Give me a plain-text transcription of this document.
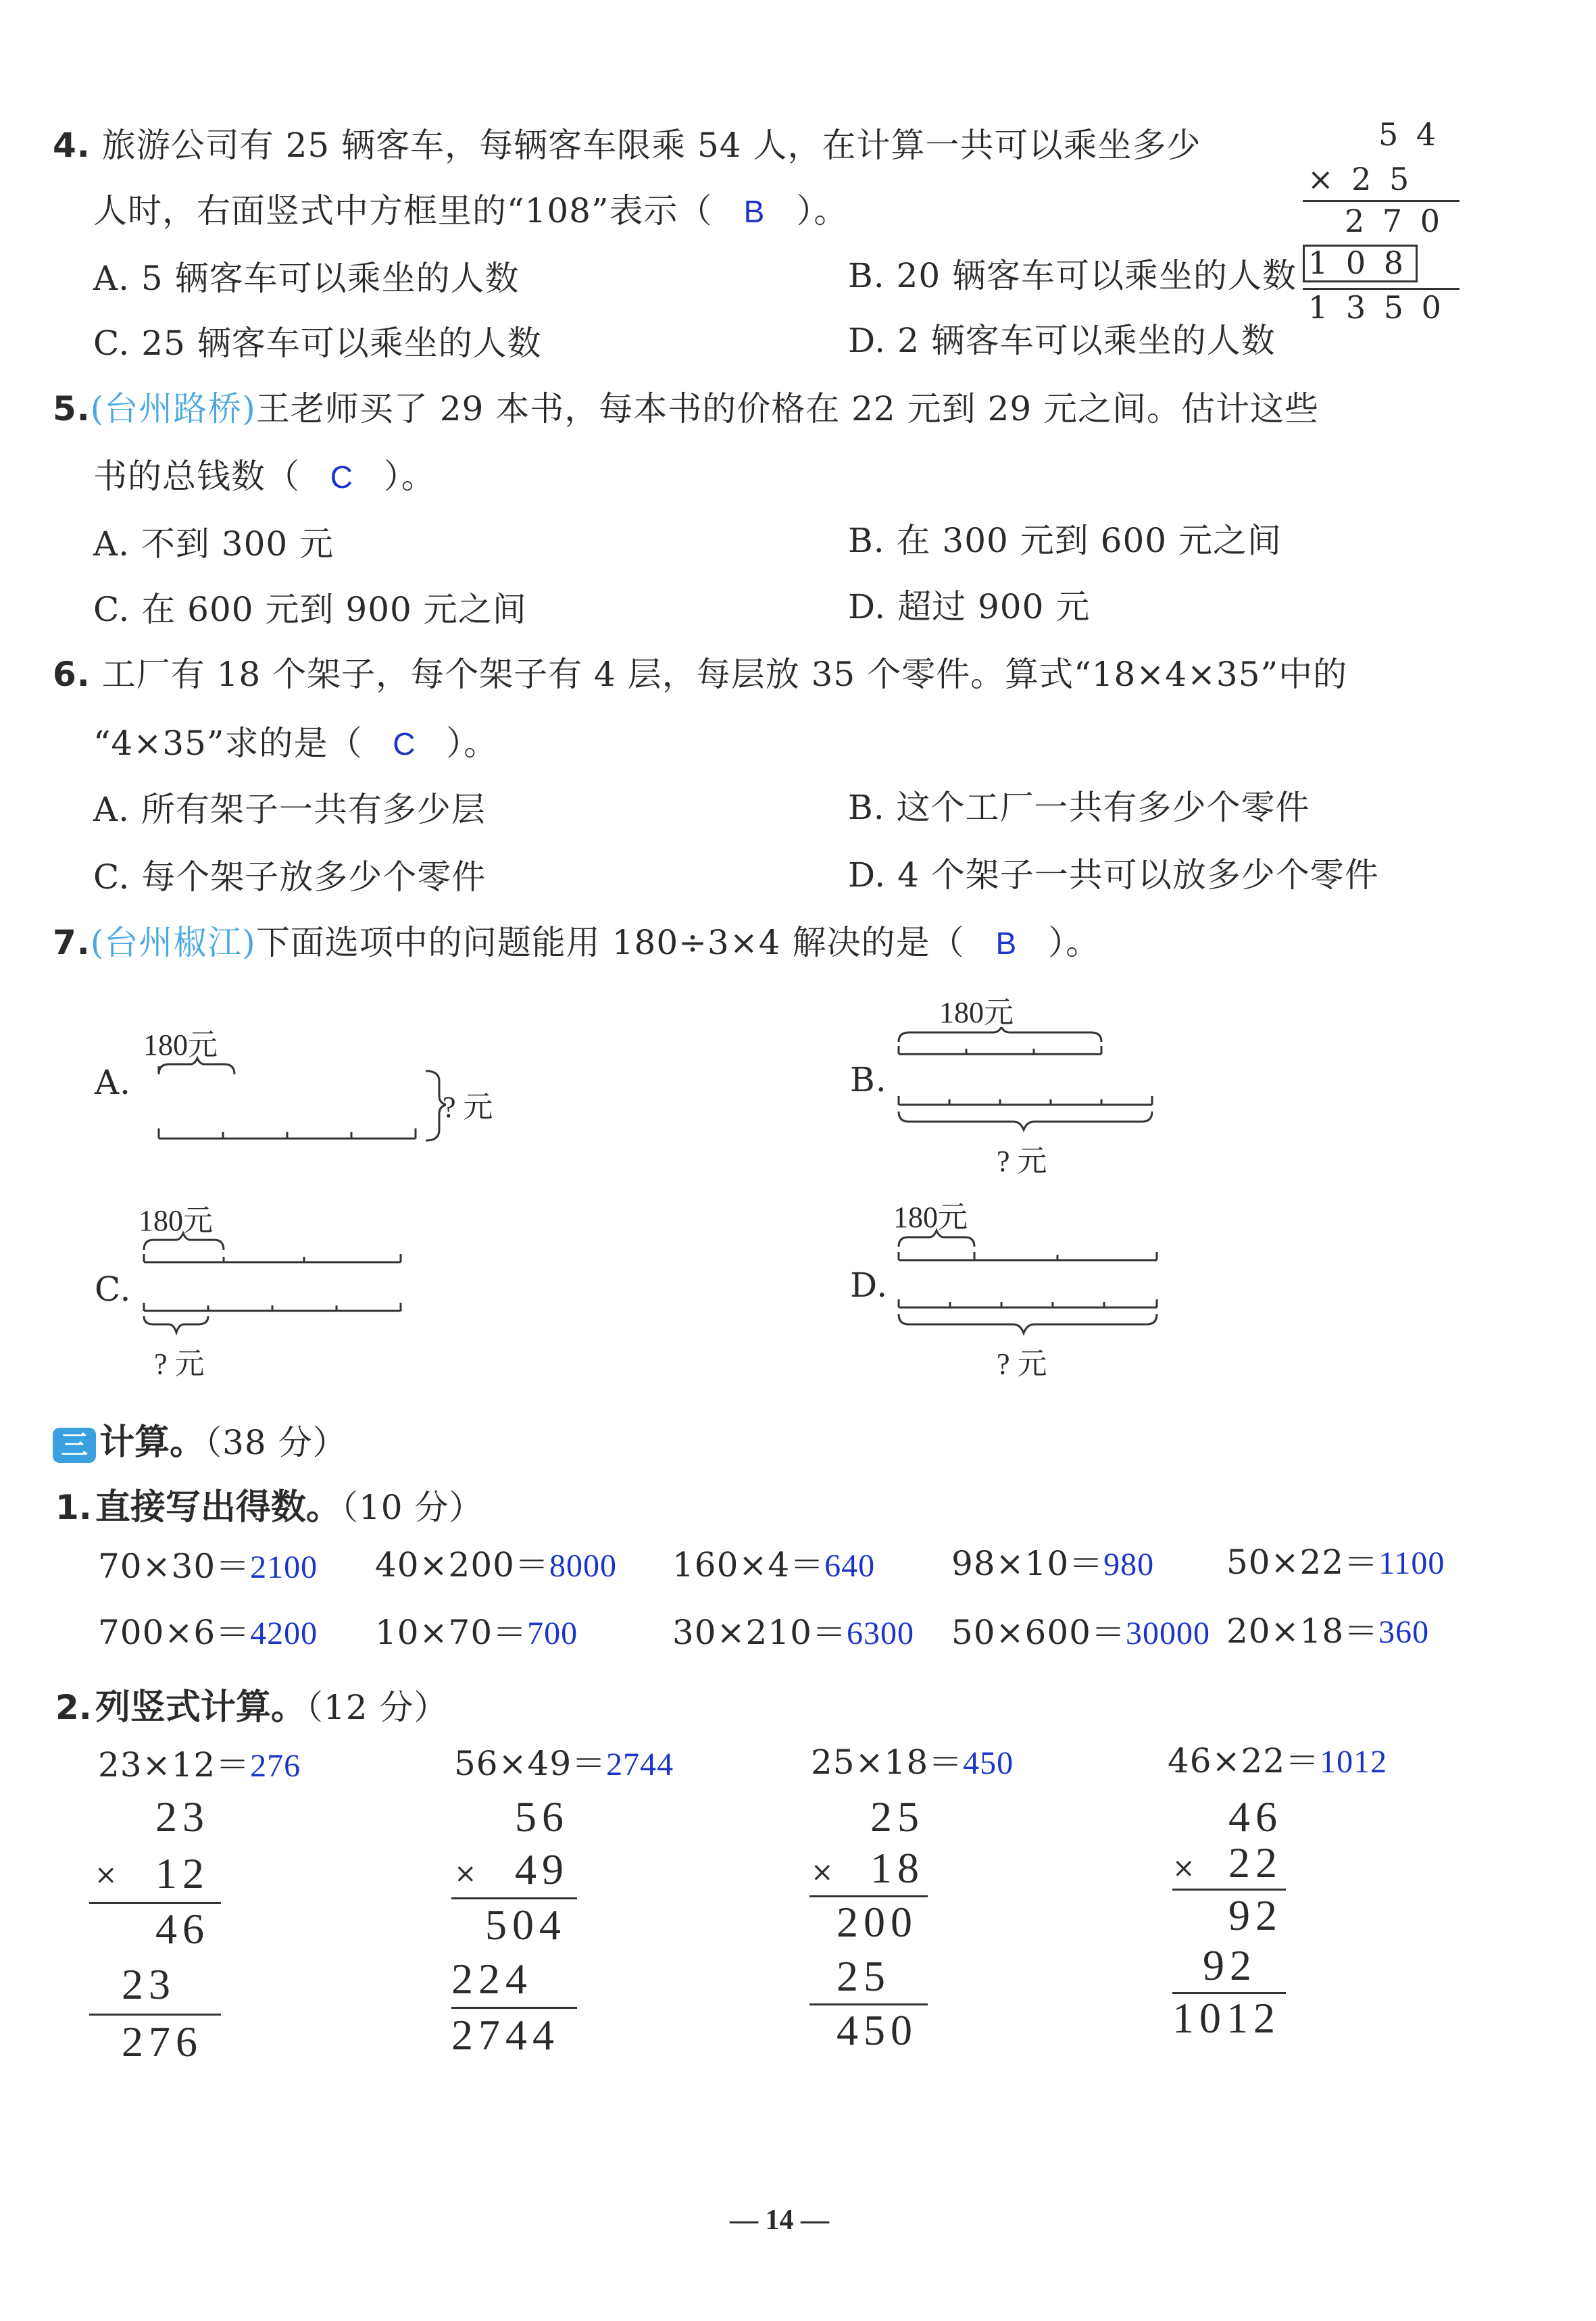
4. 旅游公司有 25 辆客车，每辆客车限乘 54 人，在计算一共可以乘坐多少
人时，右面竖式中方框里的“108”表示（ B ）。
A. 5 辆客车可以乘坐的人数	B. 20 辆客车可以乘坐的人数
C. 25 辆客车可以乘坐的人数	D. 2 辆客车可以乘坐的人数
5 4
× 2 5
2 7 0
1 0 8
1 3 5 0
5.(台州路桥)王老师买了 29 本书，每本书的价格在 22 元到 29 元之间。估计这些
书的总钱数（ C ）。
A. 不到 300 元	B. 在 300 元到 600 元之间
C. 在 600 元到 900 元之间	D. 超过 900 元
6. 工厂有 18 个架子，每个架子有 4 层，每层放 35 个零件。算式“18×4×35”中的
“4×35”求的是（ C ）。
A. 所有架子一共有多少层	B. 这个工厂一共有多少个零件
C. 每个架子放多少个零件	D. 4 个架子一共可以放多少个零件
7.(台州椒江)下面选项中的问题能用 180÷3×4 解决的是（ B ）。
A.
180元
? 元
B.
180元
? 元
C.
180元
? 元
D.
180元
? 元
三 计算。（38 分）
1. 直接写出得数。（10 分）
70×30＝2100 40×200＝8000 160×4＝640 98×10＝980 50×22＝1100
700×6＝4200 10×70＝700	30×210＝6300 50×600＝30000 20×18＝360
2. 列竖式计算。（12 分）
23×12＝276
23
× 12
46
23
276
56×49＝2744
56
× 49
504
224
2744
25×18＝450
25
× 18
200
25
450
46×22＝1012
46
× 22
92
92
1012
— 14 —
